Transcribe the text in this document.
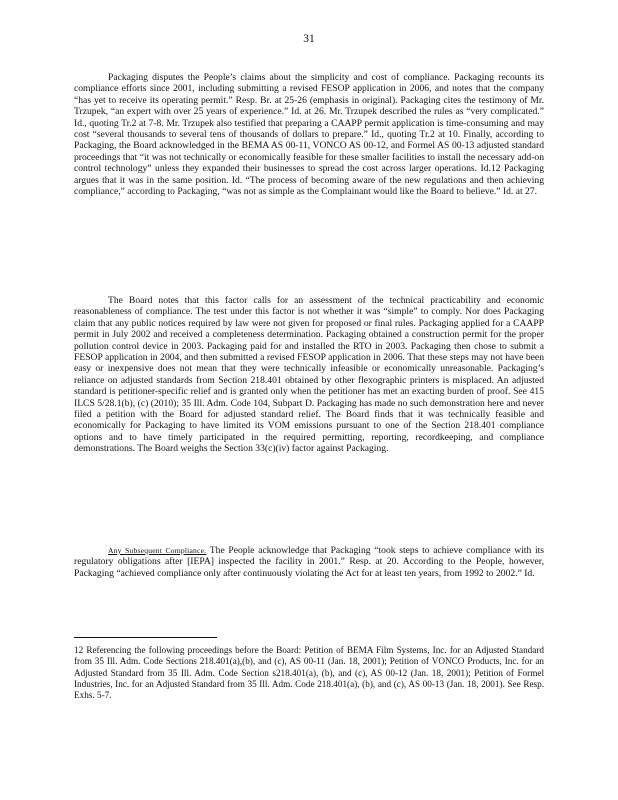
31

Packaging disputes the People’s claims about the simplicity and cost of compliance. Packaging recounts its compliance efforts since 2001, including submitting a revised FESOP application in 2006, and notes that the company “has yet to receive its operating permit.” Resp. Br. at 25-26 (emphasis in original). Packaging cites the testimony of Mr. Trzupek, “an expert with over 25 years of experience.” Id. at 26. Mr. Trzupek described the rules as “very complicated.” Id., quoting Tr.2 at 7-8. Mr. Trzupek also testified that preparing a CAAPP permit application is time-consuming and may cost “several thousands to several tens of thousands of dollars to prepare.” Id., quoting Tr.2 at 10. Finally, according to Packaging, the Board acknowledged in the BEMA AS 00-11, VONCO AS 00-12, and Formel AS 00-13 adjusted standard proceedings that “it was not technically or economically feasible for these smaller facilities to install the necessary add-on control technology” unless they expanded their businesses to spread the cost across larger operations. Id.12 Packaging argues that it was in the same position. Id. “The process of becoming aware of the new regulations and then achieving compliance,” according to Packaging, “was not as simple as the Complainant would like the Board to believe.” Id. at 27.

The Board notes that this factor calls for an assessment of the technical practicability and economic reasonableness of compliance. The test under this factor is not whether it was “simple” to comply. Nor does Packaging claim that any public notices required by law were not given for proposed or final rules. Packaging applied for a CAAPP permit in July 2002 and received a completeness determination. Packaging obtained a construction permit for the proper pollution control device in 2003. Packaging paid for and installed the RTO in 2003. Packaging then chose to submit a FESOP application in 2004, and then submitted a revised FESOP application in 2006. That these steps may not have been easy or inexpensive does not mean that they were technically infeasible or economically unreasonable. Packaging’s reliance on adjusted standards from Section 218.401 obtained by other flexographic printers is misplaced. An adjusted standard is petitioner-specific relief and is granted only when the petitioner has met an exacting burden of proof. See 415 ILCS 5/28.1(b), (c) (2010); 35 Ill. Adm. Code 104, Subpart D. Packaging has made no such demonstration here and never filed a petition with the Board for adjusted standard relief. The Board finds that it was technically feasible and economically for Packaging to have limited its VOM emissions pursuant to one of the Section 218.401 compliance options and to have timely participated in the required permitting, reporting, recordkeeping, and compliance demonstrations. The Board weighs the Section 33(c)(iv) factor against Packaging.

Any Subsequent Compliance. The People acknowledge that Packaging “took steps to achieve compliance with its regulatory obligations after [IEPA] inspected the facility in 2001.” Resp. at 20. According to the People, however, Packaging “achieved compliance only after continuously violating the Act for at least ten years, from 1992 to 2002.” Id.

12 Referencing the following proceedings before the Board: Petition of BEMA Film Systems, Inc. for an Adjusted Standard from 35 Ill. Adm. Code Sections 218.401(a),(b), and (c), AS 00-11 (Jan. 18, 2001); Petition of VONCO Products, Inc. for an Adjusted Standard from 35 Ill. Adm. Code Section s218.401(a), (b), and (c), AS 00-12 (Jan. 18, 2001); Petition of Formel Industries, Inc. for an Adjusted Standard from 35 Ill. Adm. Code 218.401(a), (b), and (c), AS 00-13 (Jan. 18, 2001). See Resp. Exhs. 5-7.
